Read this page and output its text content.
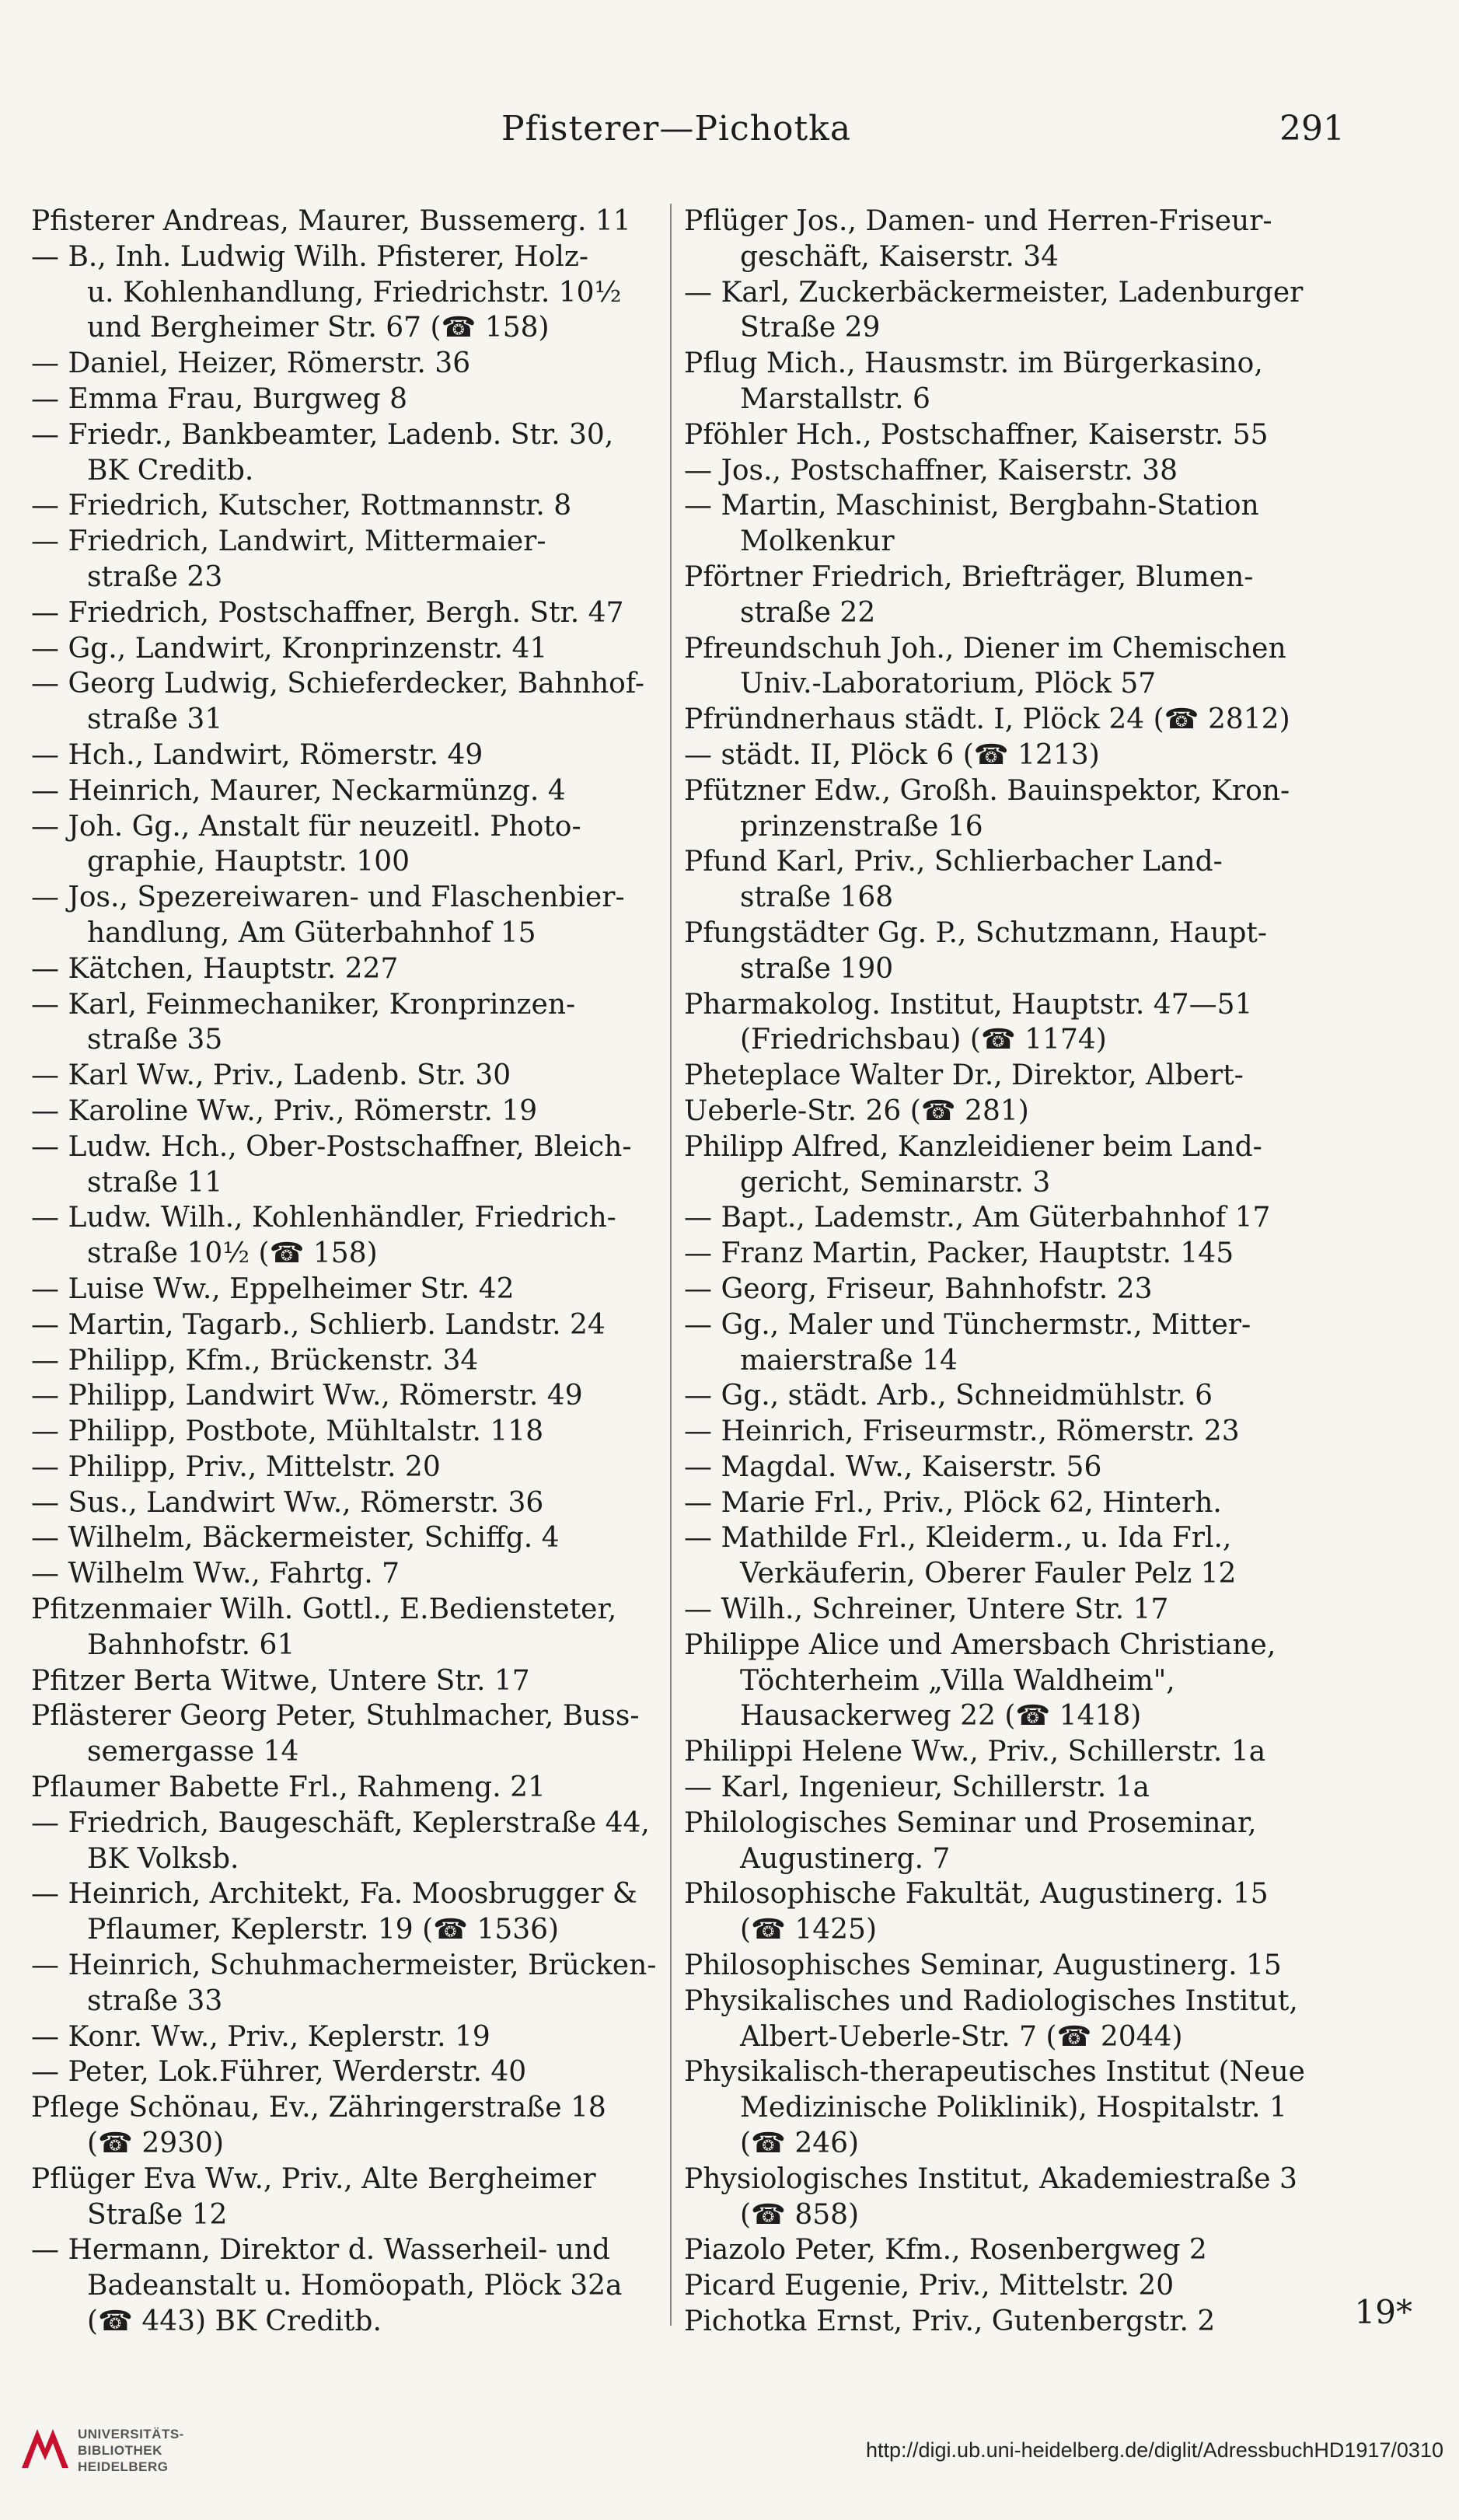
Pfisterer—Pichotka	291
Pfisterer Andreas, Maurer, Bussemerg. 11
— B., Inh. Ludwig Wilh. Pfisterer, Holz-
u. Kohlenhandlung, Friedrichstr. 10½
und Bergheimer Str. 67 (☎ 158)
— Daniel, Heizer, Römerstr. 36
— Emma Frau, Burgweg 8
— Friedr., Bankbeamter, Ladenb. Str. 30,
BK Creditb.
— Friedrich, Kutscher, Rottmannstr. 8
— Friedrich, Landwirt, Mittermaier-
straße 23
— Friedrich, Postschaffner, Bergh. Str. 47
— Gg., Landwirt, Kronprinzenstr. 41
— Georg Ludwig, Schieferdecker, Bahnhof-
straße 31
— Hch., Landwirt, Römerstr. 49
— Heinrich, Maurer, Neckarmünzg. 4
— Joh. Gg., Anstalt für neuzeitl. Photo-
graphie, Hauptstr. 100
— Jos., Spezereiwaren- und Flaschenbier-
handlung, Am Güterbahnhof 15
— Kätchen, Hauptstr. 227
— Karl, Feinmechaniker, Kronprinzen-
straße 35
— Karl Ww., Priv., Ladenb. Str. 30
— Karoline Ww., Priv., Römerstr. 19
— Ludw. Hch., Ober-Postschaffner, Bleich-
straße 11
— Ludw. Wilh., Kohlenhändler, Friedrich-
straße 10½ (☎ 158)
— Luise Ww., Eppelheimer Str. 42
— Martin, Tagarb., Schlierb. Landstr. 24
— Philipp, Kfm., Brückenstr. 34
— Philipp, Landwirt Ww., Römerstr. 49
— Philipp, Postbote, Mühltalstr. 118
— Philipp, Priv., Mittelstr. 20
— Sus., Landwirt Ww., Römerstr. 36
— Wilhelm, Bäckermeister, Schiffg. 4
— Wilhelm Ww., Fahrtg. 7
Pfitzenmaier Wilh. Gottl., E.Bediensteter,
Bahnhofstr. 61
Pfitzer Berta Witwe, Untere Str. 17
Pflästerer Georg Peter, Stuhlmacher, Buss-
semergasse 14
Pflaumer Babette Frl., Rahmeng. 21
— Friedrich, Baugeschäft, Keplerstraße 44,
BK Volksb.
— Heinrich, Architekt, Fa. Moosbrugger &
Pflaumer, Keplerstr. 19 (☎ 1536)
— Heinrich, Schuhmachermeister, Brücken-
straße 33
— Konr. Ww., Priv., Keplerstr. 19
— Peter, Lok.Führer, Werderstr. 40
Pflege Schönau, Ev., Zähringerstraße 18
(☎ 2930)
Pflüger Eva Ww., Priv., Alte Bergheimer
Straße 12
— Hermann, Direktor d. Wasserheil- und
Badeanstalt u. Homöopath, Plöck 32a
(☎ 443) BK Creditb.
Pflüger Jos., Damen- und Herren-Friseur-
geschäft, Kaiserstr. 34
— Karl, Zuckerbäckermeister, Ladenburger
Straße 29
Pflug Mich., Hausmstr. im Bürgerkasino,
Marstallstr. 6
Pföhler Hch., Postschaffner, Kaiserstr. 55
— Jos., Postschaffner, Kaiserstr. 38
— Martin, Maschinist, Bergbahn-Station
Molkenkur
Pförtner Friedrich, Briefträger, Blumen-
straße 22
Pfreundschuh Joh., Diener im Chemischen
Univ.-Laboratorium, Plöck 57
Pfründnerhaus städt. I, Plöck 24 (☎ 2812)
— städt. II, Plöck 6 (☎ 1213)
Pfützner Edw., Großh. Bauinspektor, Kron-
prinzenstraße 16
Pfund Karl, Priv., Schlierbacher Land-
straße 168
Pfungstädter Gg. P., Schutzmann, Haupt-
straße 190
Pharmakolog. Institut, Hauptstr. 47—51
(Friedrichsbau) (☎ 1174)
Pheteplace Walter Dr., Direktor, Albert-
Ueberle-Str. 26 (☎ 281)
Philipp Alfred, Kanzleidiener beim Land-
gericht, Seminarstr. 3
— Bapt., Lademstr., Am Güterbahnhof 17
— Franz Martin, Packer, Hauptstr. 145
— Georg, Friseur, Bahnhofstr. 23
— Gg., Maler und Tünchermstr., Mitter-
maierstraße 14
— Gg., städt. Arb., Schneidmühlstr. 6
— Heinrich, Friseurmstr., Römerstr. 23
— Magdal. Ww., Kaiserstr. 56
— Marie Frl., Priv., Plöck 62, Hinterh.
— Mathilde Frl., Kleiderm., u. Ida Frl.,
Verkäuferin, Oberer Fauler Pelz 12
— Wilh., Schreiner, Untere Str. 17
Philippe Alice und Amersbach Christiane,
Töchterheim „Villa Waldheim",
Hausackerweg 22 (☎ 1418)
Philippi Helene Ww., Priv., Schillerstr. 1a
— Karl, Ingenieur, Schillerstr. 1a
Philologisches Seminar und Proseminar,
Augustinerg. 7
Philosophische Fakultät, Augustinerg. 15
(☎ 1425)
Philosophisches Seminar, Augustinerg. 15
Physikalisches und Radiologisches Institut,
Albert-Ueberle-Str. 7 (☎ 2044)
Physikalisch-therapeutisches Institut (Neue
Medizinische Poliklinik), Hospitalstr. 1
(☎ 246)
Physiologisches Institut, Akademiestraße 3
(☎ 858)
Piazolo Peter, Kfm., Rosenbergweg 2
Picard Eugenie, Priv., Mittelstr. 20
Pichotka Ernst, Priv., Gutenbergstr. 2	19*
UNIVERSITÄTS-
BIBLIOTHEK
HEIDELBERG
http://digi.ub.uni-heidelberg.de/diglit/AdressbuchHD1917/0310
